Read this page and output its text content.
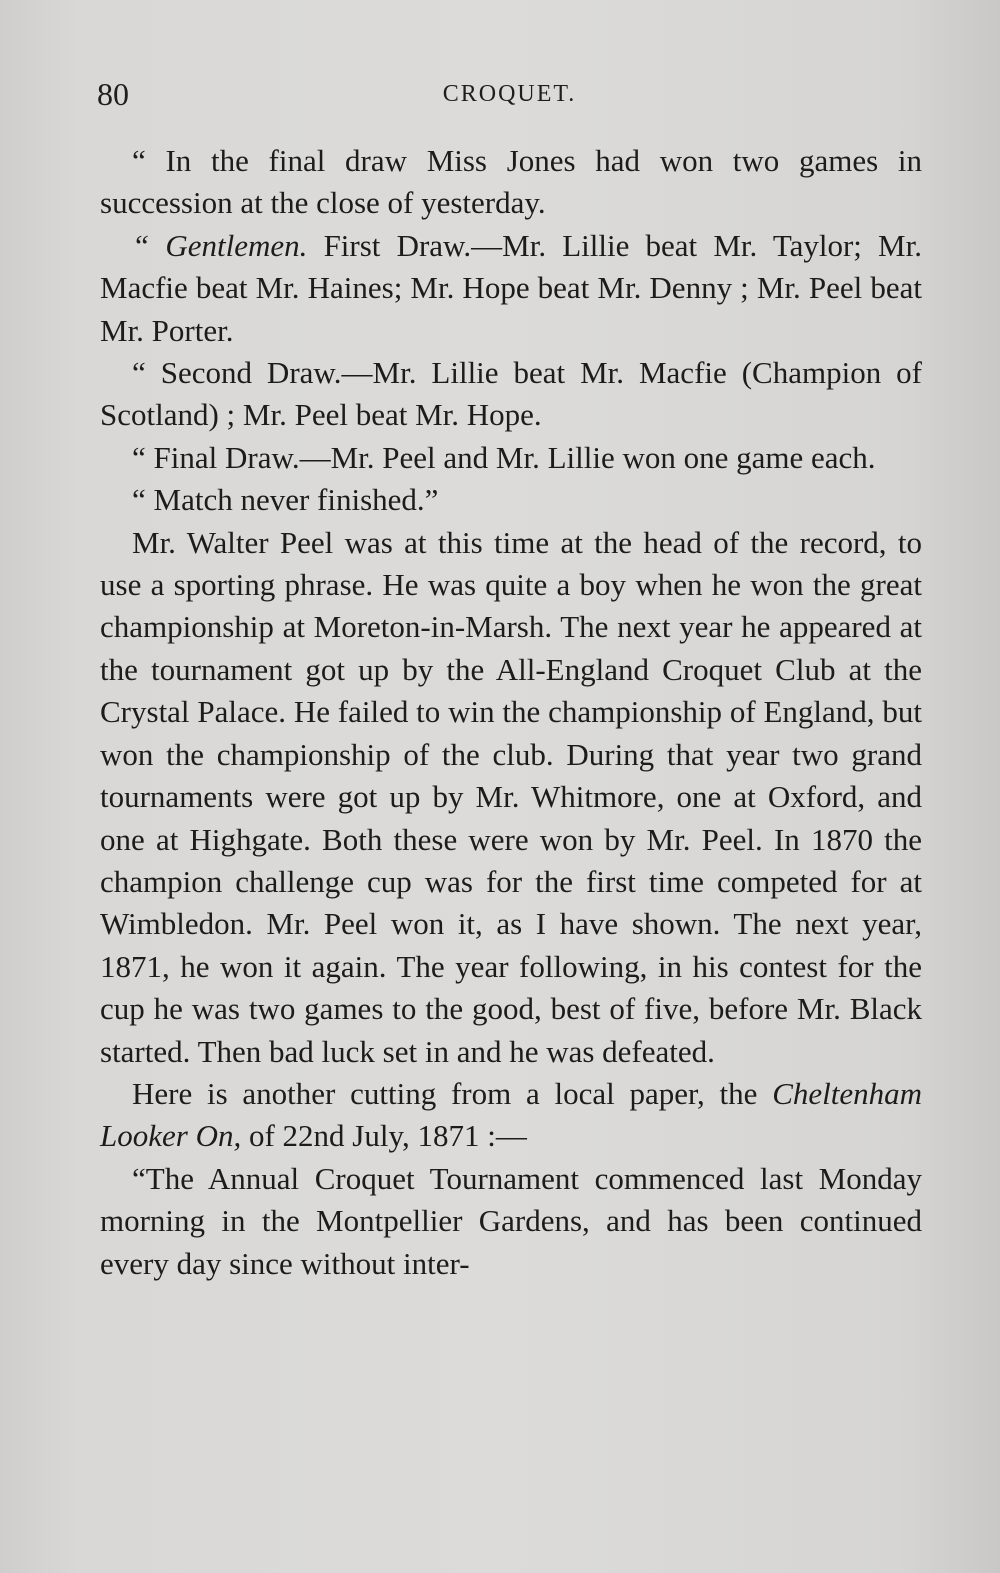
80	CROQUET.

“ In the final draw Miss Jones had won two games in succession at the close of yesterday.

“ Gentlemen. First Draw.—Mr. Lillie beat Mr. Taylor; Mr. Macfie beat Mr. Haines; Mr. Hope beat Mr. Denny ; Mr. Peel beat Mr. Porter.

“ Second Draw.—Mr. Lillie beat Mr. Macfie (Champion of Scotland) ; Mr. Peel beat Mr. Hope.

“ Final Draw.—Mr. Peel and Mr. Lillie won one game each.

“ Match never finished.”

Mr. Walter Peel was at this time at the head of the record, to use a sporting phrase. He was quite a boy when he won the great championship at Moreton-in-Marsh. The next year he appeared at the tournament got up by the All-England Croquet Club at the Crystal Palace. He failed to win the championship of England, but won the championship of the club. During that year two grand tournaments were got up by Mr. Whitmore, one at Oxford, and one at Highgate. Both these were won by Mr. Peel. In 1870 the champion challenge cup was for the first time competed for at Wimbledon. Mr. Peel won it, as I have shown. The next year, 1871, he won it again. The year following, in his contest for the cup he was two games to the good, best of five, before Mr. Black started. Then bad luck set in and he was defeated.

Here is another cutting from a local paper, the Cheltenham Looker On, of 22nd July, 1871 :—

“The Annual Croquet Tournament commenced last Monday morning in the Montpellier Gardens, and has been continued every day since without inter-
